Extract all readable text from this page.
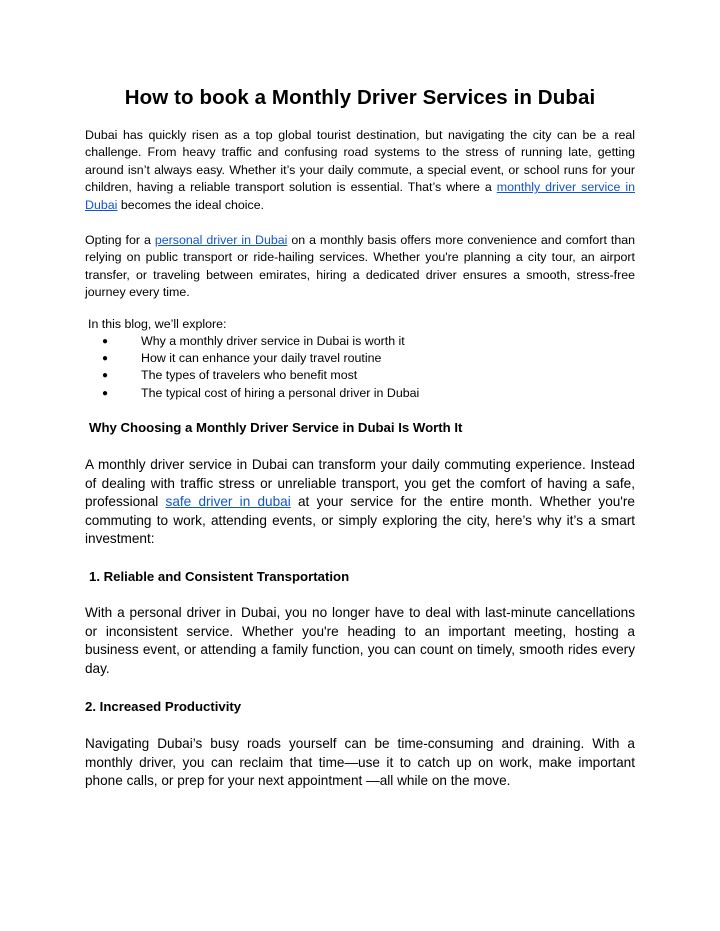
How to book a Monthly Driver Services in Dubai

Dubai has quickly risen as a top global tourist destination, but navigating the city can be a real challenge. From heavy traffic and confusing road systems to the stress of running late, getting around isn’t always easy. Whether it’s your daily commute, a special event, or school runs for your children, having a reliable transport solution is essential. That’s where a monthly driver service in Dubai becomes the ideal choice.

Opting for a personal driver in Dubai on a monthly basis offers more convenience and comfort than relying on public transport or ride-hailing services. Whether you're planning a city tour, an airport transfer, or traveling between emirates, hiring a dedicated driver ensures a smooth, stress-free journey every time.

In this blog, we’ll explore:

●	Why a monthly driver service in Dubai is worth it
●	How it can enhance your daily travel routine
●	The types of travelers who benefit most
●	The typical cost of hiring a personal driver in Dubai
Why Choosing a Monthly Driver Service in Dubai Is Worth It

A monthly driver service in Dubai can transform your daily commuting experience. Instead of dealing with traffic stress or unreliable transport, you get the comfort of having a safe, professional safe driver in dubai at your service for the entire month. Whether you're commuting to work, attending events, or simply exploring the city, here’s why it’s a smart investment:

1. Reliable and Consistent Transportation

With a personal driver in Dubai, you no longer have to deal with last-minute cancellations or inconsistent service. Whether you're heading to an important meeting, hosting a business event, or attending a family function, you can count on timely, smooth rides every day.

2. Increased Productivity

Navigating Dubai’s busy roads yourself can be time-consuming and draining. With a monthly driver, you can reclaim that time—use it to catch up on work, make important phone calls, or prep for your next appointment —all while on the move.
